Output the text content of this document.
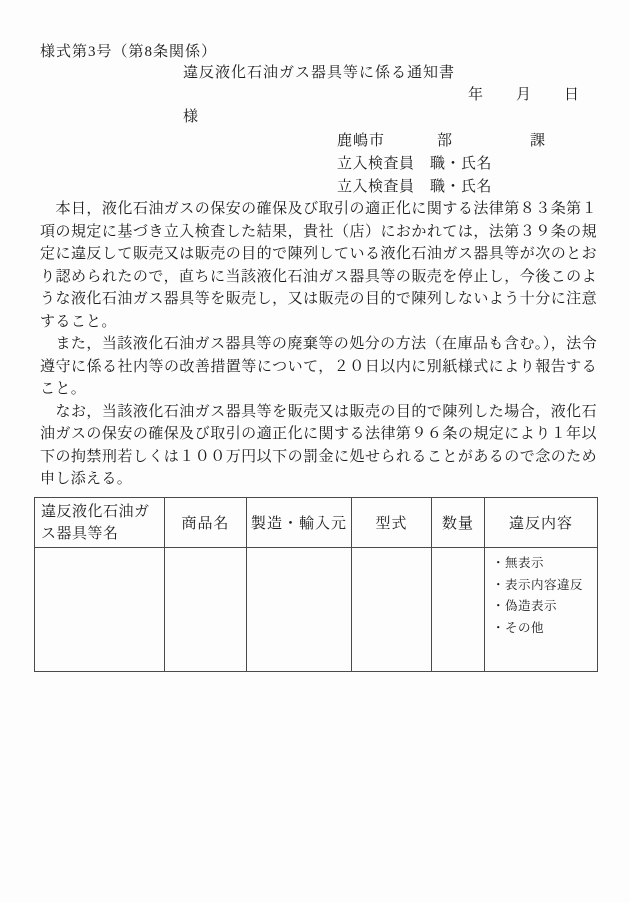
様式第3号（第8条関係）
違反液化石油ガス器具等に係る通知書
年 月 日
様
鹿嶋市	部	課
立入検査員　職・氏名
立入検査員　職・氏名

　本日，液化石油ガスの保安の確保及び取引の適正化に関する法律第８３条第１項の規定に基づき立入検査した結果，貴社（店）におかれては，法第３９条の規定に違反して販売又は販売の目的で陳列している液化石油ガス器具等が次のとおり認められたので，直ちに当該液化石油ガス器具等の販売を停止し，今後このような液化石油ガス器具等を販売し，又は販売の目的で陳列しないよう十分に注意すること。

　また，当該液化石油ガス器具等の廃棄等の処分の方法（在庫品も含む。），法令遵守に係る社内等の改善措置等について，２０日以内に別紙様式により報告すること。

　なお，当該液化石油ガス器具等を販売又は販売の目的で陳列した場合，液化石油ガスの保安の確保及び取引の適正化に関する法律第９６条の規定により１年以下の拘禁刑若しくは１００万円以下の罰金に処せられることがあるので念のため申し添える。

違反液化石油ガス器具等名	商品名	製造・輸入元	型式	数量	違反内容

					・無表示
・表示内容違反
・偽造表示
・その他
